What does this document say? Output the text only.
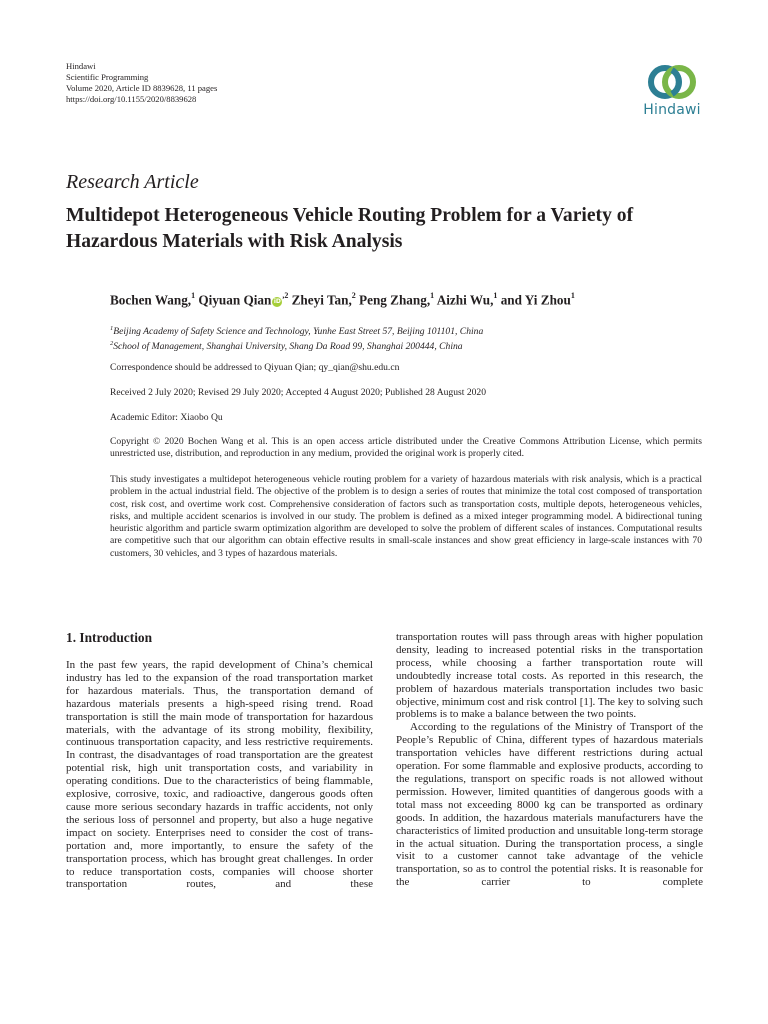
Hindawi
Scientific Programming
Volume 2020, Article ID 8839628, 11 pages
https://doi.org/10.1155/2020/8839628
Hindawi
Research Article
Multidepot Heterogeneous Vehicle Routing Problem for a Variety of Hazardous Materials with Risk Analysis
Bochen Wang,$^1$ Qiyuan Qian $iD^{,2}$ Zheyi Tan,$^2$ Peng Zhang,$^1$ Aizhi Wu,$^1$ and Yi Zhou$^1$
$^1$Beijing Academy of Safety Science and Technology, Yunhe East Street 57, Beijing 101101, China
$^2$School of Management, Shanghai University, Shang Da Road 99, Shanghai 200444, China
Correspondence should be addressed to Qiyuan Qian; qy_qian@shu.edu.cn
Received 2 July 2020; Revised 29 July 2020; Accepted 4 August 2020; Published 28 August 2020
Academic Editor: Xiaobo Qu
Copyright © 2020 Bochen Wang et al. This is an open access article distributed under the Creative Commons Attribution License, which permits unrestricted use, distribution, and reproduction in any medium, provided the original work is properly cited.
This study investigates a multidepot heterogeneous vehicle routing problem for a variety of hazardous materials with risk analysis, which is a practical problem in the actual industrial field. The objective of the problem is to design a series of routes that minimize the total cost composed of transportation cost, risk cost, and overtime work cost. Comprehensive consideration of factors such as transportation costs, multiple depots, heterogeneous vehicles, risks, and multiple accident scenarios is involved in our study. The problem is defined as a mixed integer programming model. A bidirectional tuning heuristic algorithm and particle swarm optimization algorithm are developed to solve the problem of different scales of instances. Computational results are competitive such that our algorithm can obtain effective results in small-scale instances and show great efficiency in large-scale instances with 70 customers, 30 vehicles, and 3 types of hazardous materials.
1. Introduction

In the past few years, the rapid development of China’s chemical industry has led to the expansion of the road transportation market for hazardous materials. Thus, the transportation demand of hazardous materials presents a high-speed rising trend. Road transportation is still the main mode of transportation for hazardous materials, with the advantage of its strong mobility, flexibility, continuous transportation capacity, and less restrictive requirements. In contrast, the disadvantages of road transportation are the greatest potential risk, high unit transportation costs, and variability in operating conditions. Due to the characteristics of being flammable, explosive, corrosive, toxic, and radioactive, dangerous goods often cause more serious secondary hazards in traffic accidents, not only the serious loss of personnel and property, but also a huge negative impact on society. Enterprises need to consider the cost of transportation and, more importantly, to ensure the safety of the transportation process, which has brought great challenges. In order to reduce transportation costs, companies will choose shorter transportation routes, and these

transportation routes will pass through areas with higher population density, leading to increased potential risks in the transportation process, while choosing a farther transportation route will undoubtedly increase total costs. As reported in this research, the problem of hazardous materials transportation includes two basic objective, minimum cost and risk control [1]. The key to solving such problems is to make a balance between the two points.

According to the regulations of the Ministry of Transport of the People’s Republic of China, different types of hazardous materials transportation vehicles have different restrictions during actual operation. For some flammable and explosive products, according to the regulations, transport on specific roads is not allowed without permission. However, limited quantities of dangerous goods with a total mass not exceeding 8000 kg can be transported as ordinary goods. In addition, the hazardous materials manufacturers have the characteristics of limited production and unsuitable long-term storage in the actual situation. During the transportation process, a single visit to a customer cannot take advantage of the vehicle transportation, so as to control the potential risks. It is reasonable for the carrier to complete
